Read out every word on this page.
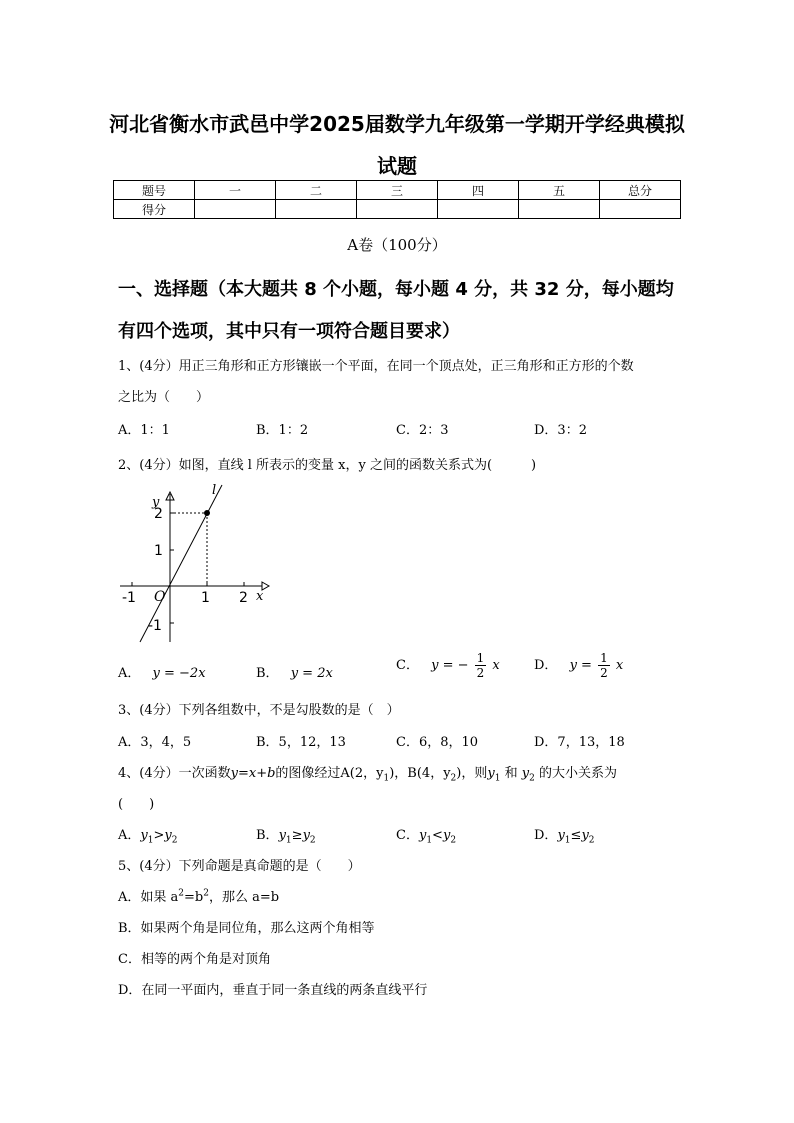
河北省衡水市武邑中学2025届数学九年级第一学期开学经典模拟
试题
题号	一	二	三	四	五	总分
得分						
A卷（100分）
一、选择题（本大题共 8 个小题，每小题 4 分，共 32 分，每小题均
有四个选项，其中只有一项符合题目要求）
1、(4分）用正三角形和正方形镶嵌一个平面，在同一个顶点处，正三角形和正方形的个数
之比为（　　）
A．1：1	B．1：2	C．2：3	D．3：2
2、(4分）如图，直线 l 所表示的变量 x，y 之间的函数关系式为(　　　)
y
x
l
O
-1	1 2
2
1
-1
A． y = −2x	B． y = 2x
C． y = − $\frac{1}{2}$ x	D． $y = \frac{1}{2}$ x
3、(4分）下列各组数中，不是勾股数的是（　）
A．3，4，5	B．5，12，13	C．6，8，10	D．7，13，18
4、(4分）一次函数y=x+b的图像经过A(2，$y_1$)，B(4，$y_2$)，则$y_1$ 和 $y_2$ 的大小关系为
(　　)
A．$y_1>y_2$	B．$y_1\ge y_2$	C．$y_1<y_2$	D．$y_1\le y_2$
5、(4分）下列命题是真命题的是（　　）
A．如果 $a^2=b^2$，那么 a=b
B．如果两个角是同位角，那么这两个角相等
C．相等的两个角是对顶角
D．在同一平面内，垂直于同一条直线的两条直线平行
